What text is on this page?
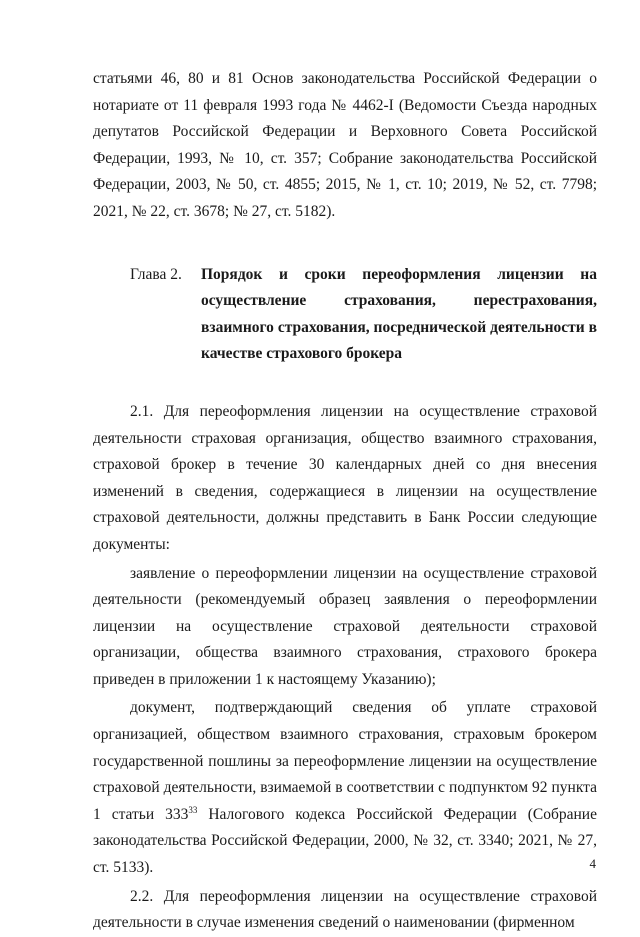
статьями 46, 80 и 81 Основ законодательства Российской Федерации о нотариате от 11 февраля 1993 года № 4462-I (Ведомости Съезда народных депутатов Российской Федерации и Верховного Совета Российской Федерации, 1993, № 10, ст. 357; Собрание законодательства Российской Федерации, 2003, № 50, ст. 4855; 2015, № 1, ст. 10; 2019, № 52, ст. 7798; 2021, № 22, ст. 3678; № 27, ст. 5182).

Глава 2.	Порядок и сроки переоформления лицензии на осуществление страхования, перестрахования, взаимного страхования, посреднической деятельности в качестве страхового брокера

2.1. Для переоформления лицензии на осуществление страховой деятельности страховая организация, общество взаимного страхования, страховой брокер в течение 30 календарных дней со дня внесения изменений в сведения, содержащиеся в лицензии на осуществление страховой деятельности, должны представить в Банк России следующие документы:

заявление о переоформлении лицензии на осуществление страховой деятельности (рекомендуемый образец заявления о переоформлении лицензии на осуществление страховой деятельности страховой организации, общества взаимного страхования, страхового брокера приведен в приложении 1 к настоящему Указанию);

документ, подтверждающий сведения об уплате страховой организацией, обществом взаимного страхования, страховым брокером государственной пошлины за переоформление лицензии на осуществление страховой деятельности, взимаемой в соответствии с подпунктом 92 пункта 1 статьи $333^{33}$ Налогового кодекса Российской Федерации (Собрание законодательства Российской Федерации, 2000, № 32, ст. 3340; 2021, № 27, ст. 5133).

2.2. Для переоформления лицензии на осуществление страховой деятельности в случае изменения сведений о наименовании (фирменном

4
